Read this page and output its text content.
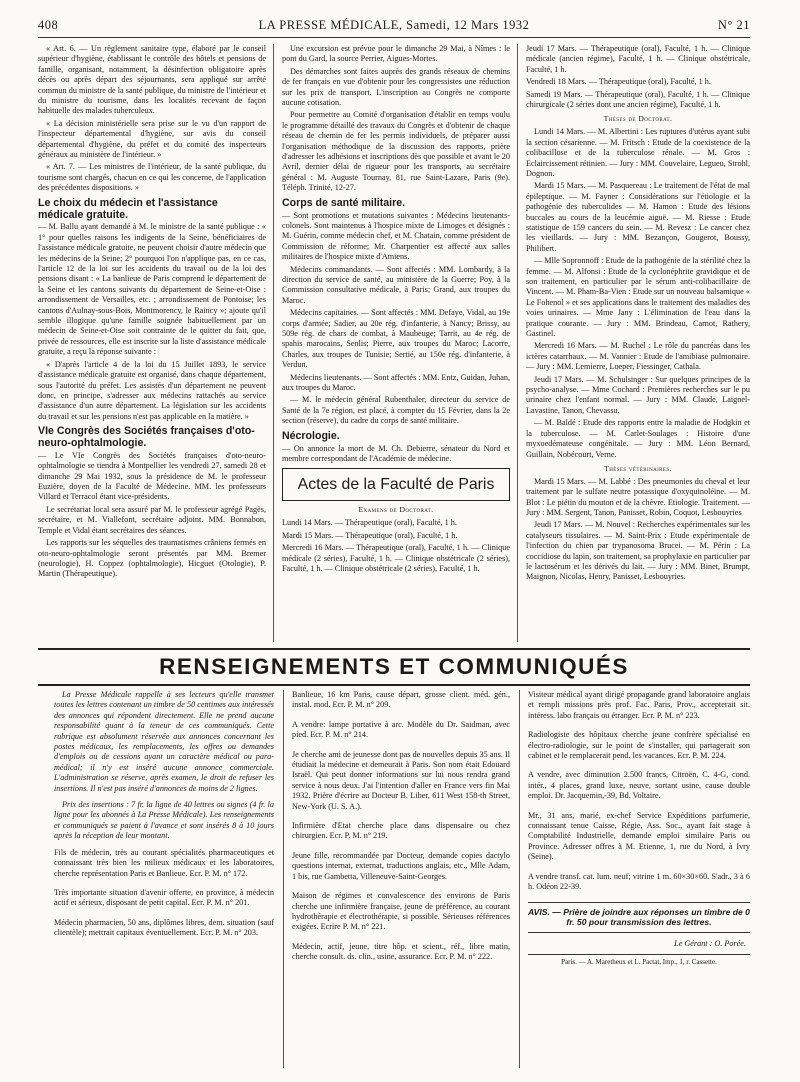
408	LA PRESSE MÉDICALE, Samedi, 12 Mars 1932	N° 21

« Art. 6. — Un règlement sanitaire type, élaboré par le conseil supérieur d'hygiène, établissant le contrôle des hôtels et pensions de famille, organisant, notamment, la désinfection obligatoire après décès ou après départ des séjournants, sera appliqué sur arrêté commun du ministre de la santé publique, du ministre de l'intérieur et du ministre du tourisme, dans les localités recevant de façon habituelle des malades tuberculeux.

« La décision ministérielle sera prise sur le vu d'un rapport de l'inspecteur départemental d'hygiène, sur avis du conseil départemental d'hygiène, du préfet et du comité des inspecteurs généraux au ministère de l'intérieur. »

« Art. 7. — Les ministres de l'intérieur, de la santé publique, du tourisme sont chargés, chacun en ce qui les concerne, de l'application des précédentes dispositions. »

Le choix du médecin et l'assistance médicale gratuite.

— M. Ballu ayant demandé à M. le ministre de la santé publique : « 1° pour quelles raisons les indigents de la Seine, bénéficiaires de l'assistance médicale gratuite, ne peuvent choisir d'autre médecin que les médecins de la Seine; 2° pourquoi l'on n'applique pas, en ce cas, l'article 12 de la loi sur les accidents du travail ou de la loi des pensions disant : « La banlieue de Paris comprend le département de la Seine et les cantons suivants du département de Seine-et-Oise : arrondissement de Versailles, etc. ; arrondissement de Pontoise; les cantons d'Aulnay-sous-Bois, Montmorency, le Raincy »; ajoute qu'il semble illogique qu'une famille soignée habituellement par un médecin de Seine-et-Oise soit contrainte de le quitter du fait, que, privée de ressources, elle est inscrite sur la liste d'assistance médicale gratuite, a reçu la réponse suivante :

« D'après l'article 4 de la loi du 15 Juillet 1893, le service d'assistance médicale gratuite est organisé, dans chaque département, sous l'autorité du préfet. Les assistés d'un département ne peuvent donc, en principe, s'adresser aux médecins rattachés au service d'assistance d'un autre département. La législation sur les accidents du travail et sur les pensions n'est pas applicable en la matière. »

VIe Congrès des Sociétés françaises d'oto-neuro-ophtalmologie.

— Le VIe Congrès des Sociétés françaises d'oto-neuro-ophtalmologie se tiendra à Montpellier les vendredi 27, samedi 28 et dimanche 29 Mai 1932, sous la présidence de M. le professeur Euzière, doyen de la Faculté de Médecine. MM. les professeurs Villard et Terracol étant vice-présidents.

Le secrétariat local sera assuré par M. le professeur agrégé Pagès, secrétaire, et M. Viallefont, secrétaire adjoint. MM. Bonnabon, Temple et Vidal étant secrétaires des séances.

Les rapports sur les séquelles des traumatismes crâniens fermés en oto-neuro-ophtalmologie seront présentés par MM. Bremer (neurologie), H. Coppez (ophtalmologie), Hicguet (Otologie), P. Martin (Thérapeutique).

Une excursion est prévue pour le dimanche 29 Mai, à Nîmes : le pont du Gard, la source Perrier, Aigues-Mortes.

Des démarches sont faites auprès des grands réseaux de chemins de fer français en vue d'obtenir pour les congressistes une réduction sur les prix de transport. L'inscription au Congrès ne comporte aucune cotisation.

Pour permettre au Comité d'organisation d'établir en temps voulu le programme détaillé des travaux du Congrès et d'obtenir de chaque réseau de chemin de fer les permis individuels, de préparer aussi l'organisation méthodique de la discussion des rapports, prière d'adresser les adhésions et inscriptions dès que possible et avant le 20 Avril, dernier délai de rigueur pour les transports, au secrétaire général : M. Auguste Tournay, 81, rue Saint-Lazare, Paris (9e). Téléph. Trinité, 12-27.

Corps de santé militaire.

— Sont promotions et mutations suivantes : Médecins lieutenants-colonels. Sont maintenus à l'hospice mixte de Limoges et désignés : M. Guérin, comme médecin chef, et M. Chatain, comme président de Commission de réforme; Mr. Charpentier est affecté aux salles militaires de l'hospice mixte d'Amiens.

Médecins commandants. — Sont affectés : MM. Lombardy, à la direction du service de santé, au ministère de la Guerre; Poy, à la Commission consultative médicale, à Paris; Grand, aux troupes du Maroc.

Médecins capitaines. — Sont affectés : MM. Defaye, Vidal, au 19e corps d'armée; Sadier, au 20e rég. d'infanterie, à Nancy; Brissy, au 509e rég. de chars de combat, à Maubeuge; Tarrit, au 4e rég. de spahis marocains, Senlis; Pierre, aux troupes du Maroc; Lacorre, Charles, aux troupes de Tunisie; Sertié, au 150e rég. d'infanterie, à Verdun.

Médecins lieutenants. — Sont affectés : MM. Entz, Guidan, Juhan, aux troupes du Maroc.

— M. le médecin général Rubenthaler, directeur du service de Santé de la 7e région, est placé, à compter du 15 Février, dans la 2e section (réserve), du cadre du corps de santé militaire.

Nécrologie.

— On annonce la mort de M. Ch. Debierre, sénateur du Nord et membre correspondant de l'Académie de médecine.

Actes de la Faculté de Paris
Examens de Doctorat.

Lundi 14 Mars. — Thérapeutique (oral), Faculté, 1 h.

Mardi 15 Mars. — Thérapeutique (oral), Faculté, 1 h.

Mercredi 16 Mars. — Thérapeutique (oral), Faculté, 1 h. — Clinique médicale (2 séries), Faculté, 1 h. — Clinique obstétricale (2 séries), Faculté, 1 h. — Clinique obstétricale (2 séries), Faculté, 1 h.

Jeudi 17 Mars. — Thérapeutique (oral), Faculté, 1 h. — Clinique médicale (ancien régime), Faculté, 1 h. — Clinique obstétricale, Faculté, 1 h.

Vendredi 18 Mars. — Thérapeutique (oral), Faculté, 1 h.

Samedi 19 Mars. — Thérapeutique (oral), Faculté, 1 h. — Clinique chirurgicale (2 séries dont une ancien régime), Faculté, 1 h.

Thèses de Doctorat.

Lundi 14 Mars. — M. Albertini : Les ruptures d'utérus ayant subi la section césarienne. — M. Fritsch : Etude de la coexistence de la colibacillose et de la tuberculose rénale. — M. Gros : Eclaircissement rétinien. — Jury : MM. Couvelaire, Legueu, Strohl, Dognon.

Mardi 15 Mars. — M. Pasquereau : Le traitement de l'état de mal épileptique. — M. Fayner : Considérations sur l'étiologie et la pathogénie des tuberculides — M. Hamon : Etude des lésions buccales au cours de la leucémie aiguë. — M. Riesse : Etude statistique de 159 cancers du sein. — M. Revesz : Le cancer chez les vieillards. — Jury : MM. Bezançon, Gougerot, Boussy, Philibert.

— Mlle Sopronnoff : Etude de la pathogénie de la stérilité chez la femme. — M. Alfonsi : Etude de la cyclonéphrite gravidique et de son traitement, en particulier par le sérum anti-colibacillaire de Vincent. — M. Pham-Ba-Vien : Etude sur un nouveau balsamique « Le Fohenol » et ses applications dans le traitement des maladies des voies urinaires. — Mme Jany : L'élimination de l'eau dans la pratique courante. — Jury : MM. Brindeau, Carnot, Rathery, Gastinel.

Mercredi 16 Mars. — M. Ruchel : Le rôle du pancréas dans les ictères catarrhaux. — M. Vannier : Etude de l'amibiase pulmonaire. — Jury : MM. Lemierre, Loeper, Fiessinger, Cathala.

Jeudi 17 Mars. — M. Schulsinger : Sur quelques principes de la psycho-analyse. — Mme Cochard : Premières recherches sur le pu urinaire chez l'enfant normal. — Jury : MM. Claude, Laignel-Lavastine, Tanon, Chevassu.

— M. Baldé : Etude des rapports entre la maladie de Hodgkin et la tuberculose. — M. Carlet-Soulages : Histoire d'une myxoedémateuse congénitale. — Jury : MM. Léon Bernard, Guillain, Nobécourt, Verne.

Thèses vétérinaires.

Mardi 15 Mars. — M. Labbé : Des pneumonies du cheval et leur traitement par le sulfate neutre potassique d'oxyquinoléine. — M. Blot : Le piétin du mouton et de la chèvre. Etiologie. Traitement. — Jury : MM. Sergent, Tanon, Panisset, Robin, Coquot, Lesbouyries

Jeudi 17 Mars. — M. Nouvel : Recherches expérimentales sur les catalyseurs tissulaires. — M. Saint-Prix : Etude expérimentale de l'infection du chien par trypanosoma Brucei. — M. Périn : La coccidiose du lapin, son traitement, sa prophylaxie en particulier par le lactosérum et les dérivés du lait. — Jury : MM. Binet, Brumpt, Maignon, Nicolas, Henry, Panisset, Lesbouyries.

RENSEIGNEMENTS ET COMMUNIQUÉS

La Presse Médicale rappelle à ses lecteurs qu'elle transmet toutes les lettres contenant un timbre de 50 centimes aux intéressés des annonces qui répondent directement. Elle ne prend aucune responsabilité quant à la teneur de ces communiqués. Cette rubrique est absolument réservée aux annonces concernant les postes médicaux, les remplacements, les offres ou demandes d'emplois ou de cessions ayant un caractère médical ou para-médical; il n'y est inséré aucune annonce commerciale. L'administration se réserve, après examen, le droit de refuser les insertions. Il n'est pas inséré d'annonces de moins de 2 lignes.

Prix des insertions : 7 fr. la ligne de 40 lettres ou signes (4 fr. la ligne pour les abonnés à La Presse Médicale). Les renseignements et communiqués se paient à l'avance et sont insérés 8 à 10 jours après la réception de leur montant.

Fils de médecin, très au courant spécialités pharmaceutiques et connaissant très bien les milieux médicaux et les laboratoires, cherche représentation Paris et Banlieue. Ecr. P. M. n° 172.

Très importante situation d'avenir offerte, en province, à médecin actif et sérieux, disposant de petit capital. Ecr. P. M. n° 201.

Médecin pharmacien, 50 ans, diplômes libres, dem. situation (sauf clientèle); mettrait capitaux éventuellement. Ecr. P. M. n° 203.

Banlieue, 16 km Paris, cause départ, grosse client. méd. gén., instal. mod. Ecr. P. M. n° 209.

A vendre: lampe portative à arc. Modèle du Dr. Saidman, avec pied. Ecr. P. M. n° 214.

Je cherche ami de jeunesse dont pas de nouvelles depuis 35 ans. Il étudiait la médecine et demeurait à Paris. Son nom était Edouard Israël. Qui peut donner informations sur lui nous rendra grand service à nous deux. J'ai l'intention d'aller en France vers fin Mai 1932. Prière d'écrire au Docteur B. Liber, 611 West 158-th Street, New-York (U. S. A.).

Infirmière d'Etat cherche place dans dispensaire ou chez chirurgien. Ecr. P. M. n° 219.

Jeune fille, recommandée par Docteur, demande copies dactylo questions internat, externat, traductions anglais, etc., Mlle Adam, 1 bis, rue Gambetta, Villeneuve-Saint-Georges.

Maison de régimes et convalescence des environs de Paris cherche une infirmière française, jeune de préférence, au courant hydrothérapie et électrothérapie, si possible. Sérieuses références exigées. Ecrire P. M. n° 221.

Médecin, actif, jeune, titre hôp. et scient., réf., libre matin, cherche consult. ds. clin., usine, assurance. Ecr. P. M. n° 222.

Visiteur médical ayant dirigé propagande grand laboratoire anglais et rempli missions près prof. Fac. Paris, Prov., accepterait sit. intéress. labo français ou étranger. Ecr. P. M. n° 223.

Radiologiste des hôpitaux cherche jeune confrère spécialisé en électro-radiologie, sur le point de s'installer, qui partagerait son cabinet et le remplacerait pend. les vacances. Ecr. P. M. 224.

A vendre, avec diminution 2.500 francs, Citroën, C. 4-G, cond. intér., 4 places, grand luxe, neuve, sortant usine, cause double emploi. Dr. Jacquemin,-39, Bd. Voltaire.

Mr., 31 ans, marié, ex-chef Service Expéditions parfumerie, connaissant tenue Caisse, Régie, Ass. Soc., ayant fait stage à Comptabilité Industrielle, demande emploi similaire Paris ou Province. Adresser offres à M. Etienne, 1, rue du Nord, à Ivry (Seine).

A vendre transf. cat. lum. neuf; vitrine 1 m. 60×30×60. S'adr., 3 à 6 h. Odéon 22-39.

AVIS. — Prière de joindre aux réponses un timbre de 0 fr. 50 pour transmission des lettres.
Le Gérant : O. Porée.
Paris. — A. Maretheux et L. Pactat, Imp., 1, r. Cassette.
